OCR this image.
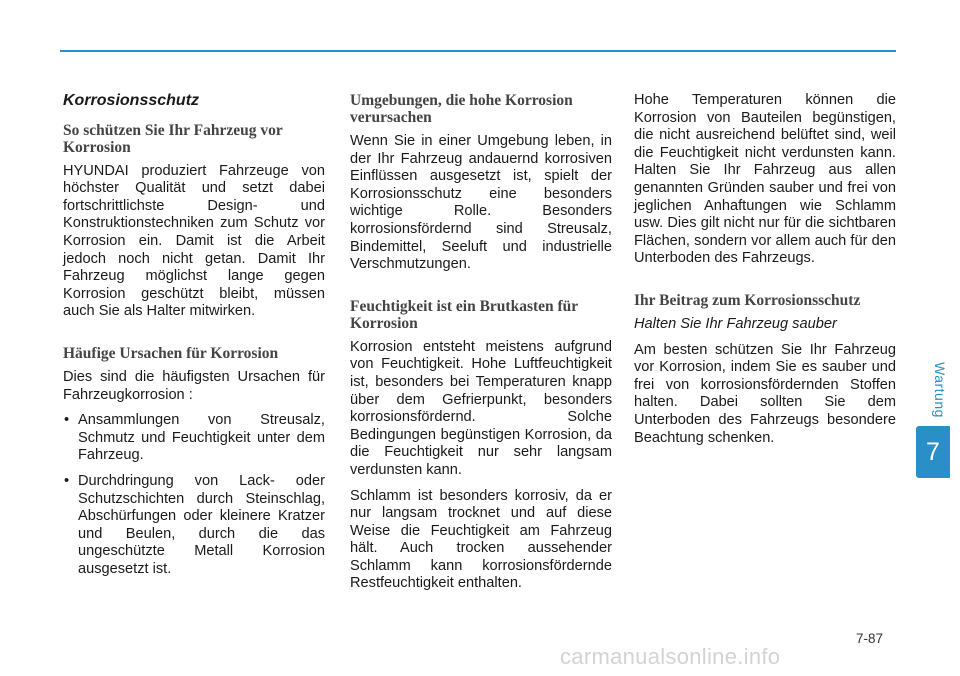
Korrosionsschutz
So schützen Sie Ihr Fahrzeug vor Korrosion

HYUNDAI produziert Fahrzeuge von höchster Qualität und setzt dabei fortschrittlichste Design- und Konstruktionstechniken zum Schutz vor Korrosion ein. Damit ist die Arbeit jedoch noch nicht getan. Damit Ihr Fahrzeug möglichst lange gegen Korrosion geschützt bleibt, müssen auch Sie als Halter mitwirken.

Häufige Ursachen für Korrosion

Dies sind die häufigsten Ursachen für Fahrzeugkorrosion :

• Ansammlungen von Streusalz, Schmutz und Feuchtigkeit unter dem Fahrzeug.
• Durchdringung von Lack- oder Schutzschichten durch Steinschlag, Abschürfungen oder kleinere Kratzer und Beulen, durch die das ungeschützte Metall Korrosion ausgesetzt ist.
Umgebungen, die hohe Korrosion verursachen

Wenn Sie in einer Umgebung leben, in der Ihr Fahrzeug andauernd korrosiven Einflüssen ausgesetzt ist, spielt der Korrosionsschutz eine besonders wichtige Rolle. Besonders korrosionsfördernd sind Streusalz, Bindemittel, Seeluft und industrielle Verschmutzungen.

Feuchtigkeit ist ein Brutkasten für Korrosion

Korrosion entsteht meistens aufgrund von Feuchtigkeit. Hohe Luftfeuchtigkeit ist, besonders bei Temperaturen knapp über dem Gefrierpunkt, besonders korrosionsfördernd. Solche Bedingungen begünstigen Korrosion, da die Feuchtigkeit nur sehr langsam verdunsten kann.

Schlamm ist besonders korrosiv, da er nur langsam trocknet und auf diese Weise die Feuchtigkeit am Fahrzeug hält. Auch trocken aussehender Schlamm kann korrosionsfördernde Restfeuchtigkeit enthalten.

Hohe Temperaturen können die Korrosion von Bauteilen begünstigen, die nicht ausreichend belüftet sind, weil die Feuchtigkeit nicht verdunsten kann. Halten Sie Ihr Fahrzeug aus allen genannten Gründen sauber und frei von jeglichen Anhaftungen wie Schlamm usw. Dies gilt nicht nur für die sichtbaren Flächen, sondern vor allem auch für den Unterboden des Fahrzeugs.

Ihr Beitrag zum Korrosionsschutz
Halten Sie Ihr Fahrzeug sauber

Am besten schützen Sie Ihr Fahrzeug vor Korrosion, indem Sie es sauber und frei von korrosionsfördernden Stoffen halten. Dabei sollten Sie dem Unterboden des Fahrzeugs besondere Beachtung schenken.

Wartung
7
7-87
carmanualsonline.info
